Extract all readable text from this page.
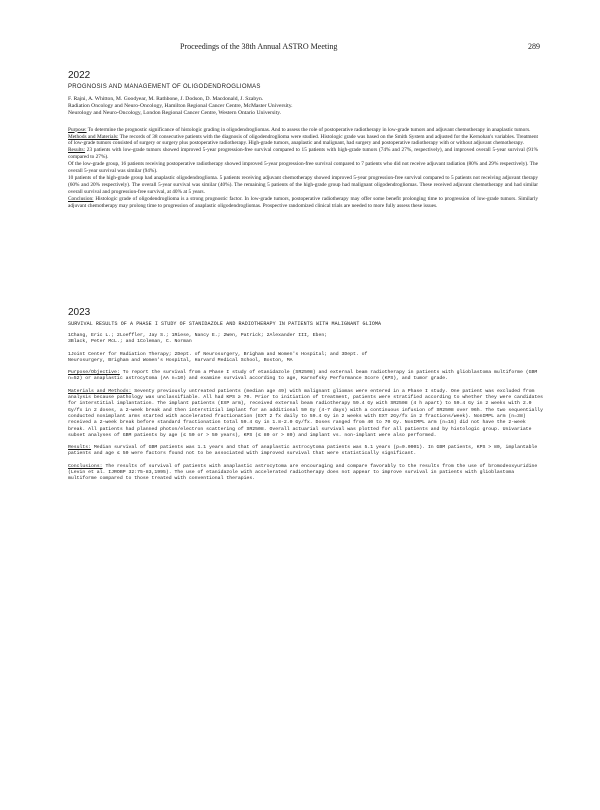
Proceedings of the 38th Annual ASTRO Meeting	289
2022
PROGNOSIS AND MANAGEMENT OF OLIGODENDROGLIOMAS

F. Rajni, A. Whitton, M. Goodyear, M. Rathbone, J. Dodson, D. Macdonald, J. Szabyn.

Radiation Oncology and Neuro-Oncology, Hamilton Regional Cancer Centre, McMaster University.

Neurology and Neuro-Oncology, London Regional Cancer Centre, Western Ontario University.

Purpose: To determine the prognostic significance of histologic grading in oligodendrogliomas. And to assess the role of postoperative radiotherapy in low-grade tumors and adjuvant chemotherapy in anaplastic tumors.

Methods and Materials: The records of 38 consecutive patients with the diagnosis of oligodendroglioma were studied. Histologic grade was based on the Smith System and adjusted for the Kernohan's variables. Treatment of low-grade tumors consisted of surgery or surgery plus postoperative radiotherapy. High-grade tumors, anaplastic and malignant, had surgery and postoperative radiotherapy with or without adjuvant chemotherapy.

Results: 23 patients with low-grade tumors showed improved 5-year progression-free survival compared to 15 patients with high-grade tumors (74% and 27%, respectively), and improved overall 5-year survival (91% compared to 27%).

Of the low-grade group, 16 patients receiving postoperative radiotherapy showed improved 5-year progression-free survival compared to 7 patients who did not receive adjuvant radiation (80% and 29% respectively). The overall 5-year survival was similar (94%).

10 patients of the high-grade group had anaplastic oligodendroglioma. 5 patients receiving adjuvant chemotherapy showed improved 5-year progression-free survival compared to 5 patients not receiving adjuvant therapy (60% and 20% respectively). The overall 5-year survival was similar (40%). The remaining 5 patients of the high-grade group had malignant oligodendrogliomas. These received adjuvant chemotherapy and had similar overall survival and progression-free survival, at 40% at 5 years.

Conclusion: Histologic grade of oligodendroglioma is a strong prognostic factor. In low-grade tumors, postoperative radiotherapy may offer some benefit prolonging time to progression of low-grade tumors. Similarly adjuvant chemotherapy may prolong time to progression of anaplastic oligodendrogliomas. Prospective randomized clinical trials are needed to more fully assess these issues.

2023
SURVIVAL RESULTS OF A PHASE I STUDY OF STANIDAZOLE AND RADIOTHERAPY IN PATIENTS WITH MALIGNANT GLIOMA

1Chang, Eric L.; 2Loeffler, Jay S.; 1Riese, Nancy E.; 2Wen, Patrick; 2Alexander III, Eben;

3Black, Peter McL.; and 1Coleman, C. Norman

1Joint Center for Radiation Therapy; 2Dept. of Neurosurgery, Brigham and Women's Hospital; and 3Dept. of

Neurosurgery, Brigham and Women's Hospital, Harvard Medical School, Boston, MA

Purpose/Objective: To report the survival from a Phase I study of etanidazole (SR2508) and external beam radiotherapy in patients with glioblastoma multiforme (GBM n=52) or anaplastic astrocytoma (AA n=10) and examine survival according to age, Karnofsky Performance Score (KPS), and tumor grade.

Materials and Methods: Seventy previously untreated patients (median age 49) with malignant gliomas were entered in a Phase I study. One patient was excluded from analysis because pathology was unclassifiable. All had KPS ≥ 70. Prior to initiation of treatment, patients were stratified according to whether they were candidates for interstitial implantation. The implant patients (EXP arm), received external beam radiotherapy 59.4 Gy with SR2508 (4 h apart) to 59.4 Gy in 2 weeks with 2.0 Gy/fx in 2 doses, a 2-week break and then interstitial implant for an additional 50 Gy (4-7 days) with a continuous infusion of SR2508 over 96h. The two sequentially conducted nonimplant arms started with accelerated fractionation (EXT 2 fx daily to 59.4 Gy in 2 weeks with EXT 2Gy/fx in 2 fractions/week). NonIMPL arm (n=38) received a 2-week break before standard fractionation total 59.4 Gy in 1.8-2.0 Gy/fx. Doses ranged from 40 to 70 Gy. NonIMPL arm (n=16) did not have the 2-week break. All patients had planned photon/electron scattering of SR2508. Overall actuarial survival was plotted for all patients and by histologic group. Univariate subset analyses of GBM patients by age (≤ 50 or > 50 years), KPS (≤ 80 or > 80) and implant vs. non-implant were also performed.

Results: Median survival of GBM patients was 1.1 years and that of anaplastic astrocytoma patients was 5.1 years (p=0.0001). In GBM patients, KPS > 80, implantable patients and age ≤ 50 were factors found not to be associated with improved survival that were statistically significant.

Conclusions: The results of survival of patients with anaplastic astrocytoma are encouraging and compare favorably to the results from the use of bromodeoxyuridine (Levin et al. IJROBP 32:75-83,1995). The use of etanidazole with accelerated radiotherapy does not appear to improve survival in patients with glioblastoma multiforme compared to those treated with conventional therapies.
